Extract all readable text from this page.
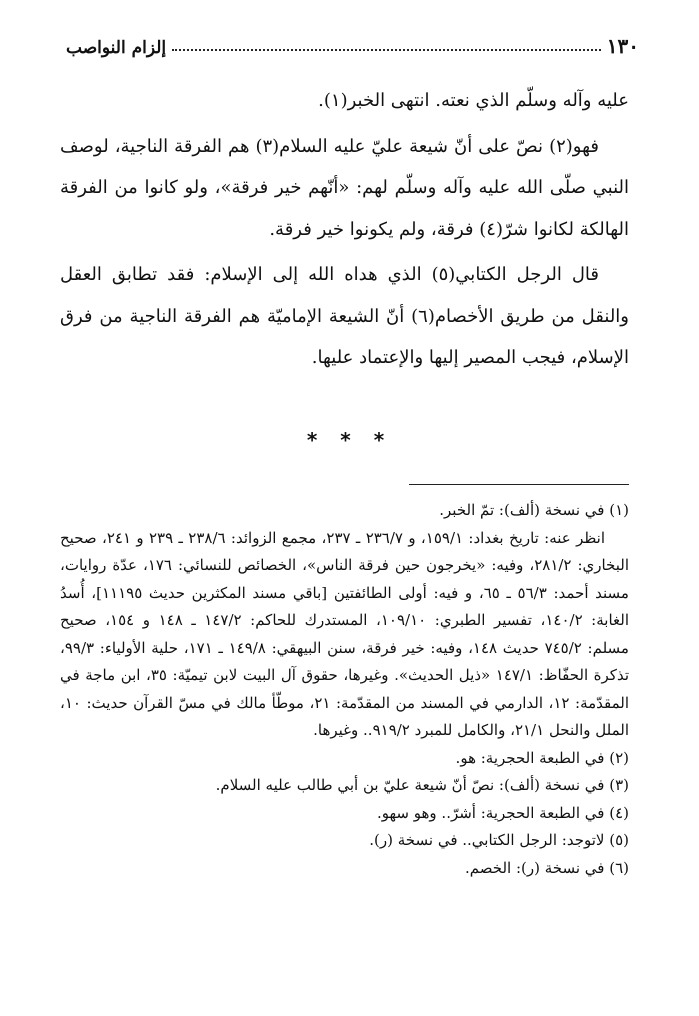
١٣٠
إلزام النواصب

عليه وآله وسلّم الذي نعته. انتهى الخبر(١).

فهو(٢) نصّ على أنّ شيعة عليّ عليه السلام(٣) هم الفرقة الناجية، لوصف النبي صلّى الله عليه وآله وسلّم لهم: «أنّهم خير فرقة»، ولو كانوا من الفرقة الهالكة لكانوا شرّ(٤) فرقة، ولم يكونوا خير فرقة.

قال الرجل الكتابي(٥) الذي هداه الله إلى الإسلام: فقد تطابق العقل والنقل من طريق الأخصام(٦) أنّ الشيعة الإماميّة هم الفرقة الناجية من فرق الإسلام، فيجب المصير إليها والإعتماد عليها.

* * *

(١) في نسخة (ألف): تمّ الخبر.

انظر عنه: تاريخ بغداد: ١٥٩/١، و ٢٣٦/٧ ـ ٢٣٧، مجمع الزوائد: ٢٣٨/٦ ـ ٢٣٩ و ٢٤١، صحيح البخاري: ٢٨١/٢، وفيه: «يخرجون حين فرقة الناس»، الخصائص للنسائي: ١٧٦، عدّة روايات، مسند أحمد: ٥٦/٣ ـ ٦٥، و فيه: أولى الطائفتين [باقي مسند المكثرين حديث ١١١٩٥]، أُسدُ الغابة: ١٤٠/٢، تفسير الطبري: ١٠٩/١٠، المستدرك للحاكم: ١٤٧/٢ ـ ١٤٨ و ١٥٤، صحيح مسلم: ٧٤٥/٢ حديث ١٤٨، وفيه: خير فرقة، سنن البيهقي: ١٤٩/٨ ـ ١٧١، حلية الأولياء: ٩٩/٣، تذكرة الحفّاظ: ١٤٧/١ «ذيل الحديث». وغيرها، حقوق آل البيت لابن تيميّة: ٣٥، ابن ماجة في المقدّمة: ١٢، الدارمي في المسند من المقدّمة: ٢١، موطّأ مالك في مسّ القرآن حديث: ١٠، الملل والنحل ٢١/١، والكامل للمبرد ٩١٩/٢.. وغيرها.

(٢) في الطبعة الحجرية: هو.

(٣) في نسخة (ألف): نصّ أنّ شيعة عليّ بن أبي طالب عليه السلام.

(٤) في الطبعة الحجرية: أشرّ.. وهو سهو.

(٥) لاتوجد: الرجل الكتابي.. في نسخة (ر).

(٦) في نسخة (ر): الخصم.
